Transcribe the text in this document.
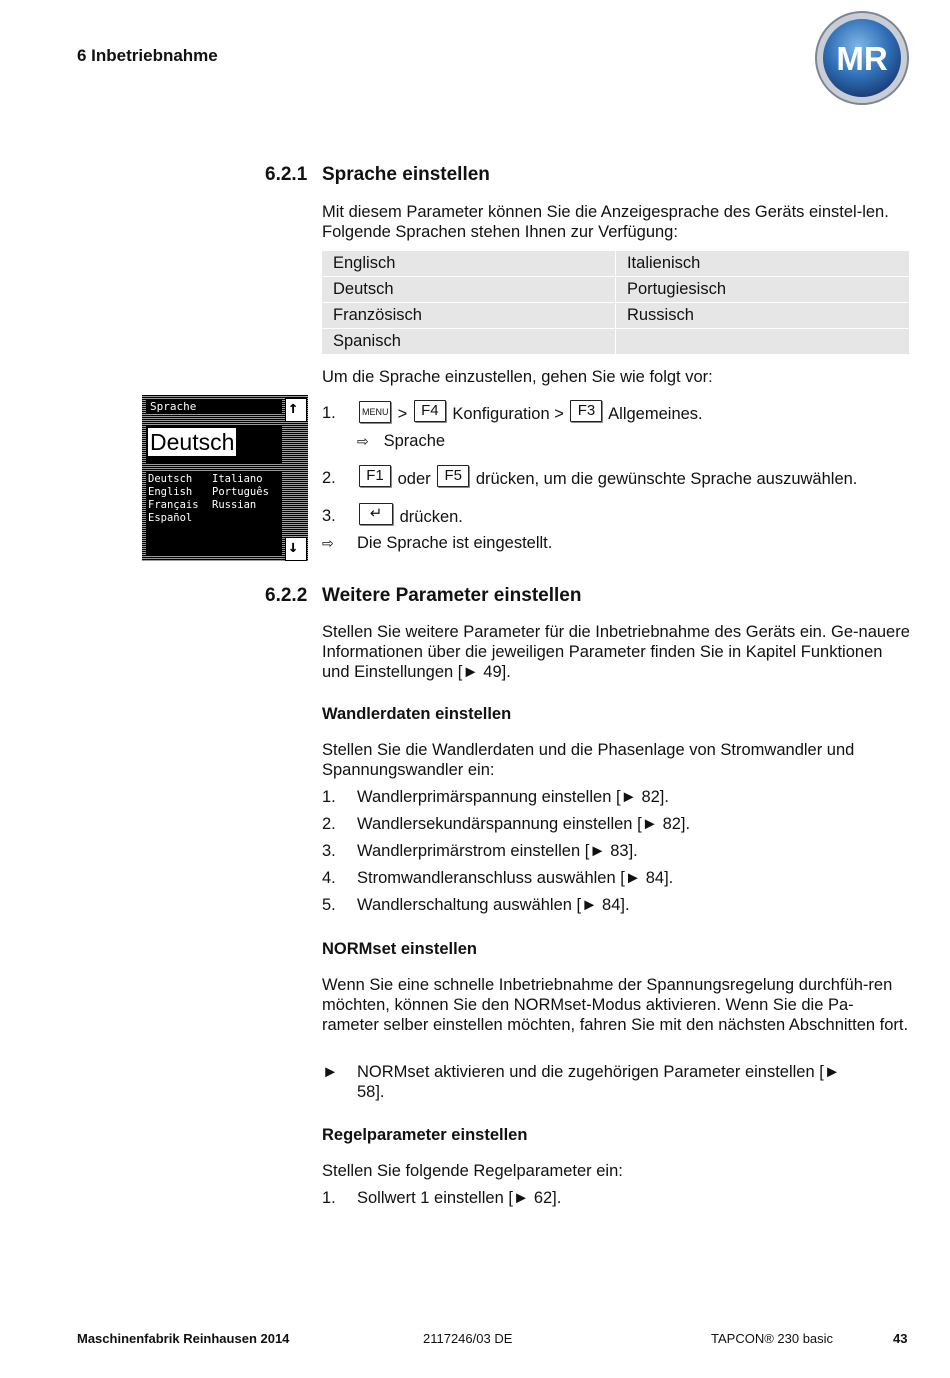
6 Inbetriebnahme	MR
6.2.1 Sprache einstellen
Mit diesem Parameter können Sie die Anzeigesprache des Geräts einstel-len. Folgende Sprachen stehen Ihnen zur Verfügung:
Englisch	Italienisch
Deutsch	Portugiesisch
Französisch	Russisch
Spanisch	
Um die Sprache einzustellen, gehen Sie wie folgt vor:
Sprache	↑
Deutsch
Deutsch
English
Français
Español
Italiano
Português
Russian
↓
1.	MENU > F4 Konfiguration > F3 Allgemeines.
⇨ Sprache
2.	F1 oder F5 drücken, um die gewünschte Sprache auszuwählen.
3.	↵ drücken.
⇨ Die Sprache ist eingestellt.
6.2.2 Weitere Parameter einstellen
Stellen Sie weitere Parameter für die Inbetriebnahme des Geräts ein. Ge-nauere Informationen über die jeweiligen Parameter finden Sie in Kapitel Funktionen und Einstellungen [► 49].
Wandlerdaten einstellen
Stellen Sie die Wandlerdaten und die Phasenlage von Stromwandler und Spannungswandler ein:
1. Wandlerprimärspannung einstellen [► 82].
2. Wandlersekundärspannung einstellen [► 82].
3. Wandlerprimärstrom einstellen [► 83].
4. Stromwandleranschluss auswählen [► 84].
5. Wandlerschaltung auswählen [► 84].
NORMset einstellen
Wenn Sie eine schnelle Inbetriebnahme der Spannungsregelung durchfüh-ren möchten, können Sie den NORMset-Modus aktivieren. Wenn Sie die Pa-rameter selber einstellen möchten, fahren Sie mit den nächsten Abschnitten fort.
► NORMset aktivieren und die zugehörigen Parameter einstellen [► 58].
Regelparameter einstellen
Stellen Sie folgende Regelparameter ein:
1. Sollwert 1 einstellen [► 62].
Maschinenfabrik Reinhausen 2014	2117246/03 DE	TAPCON® 230 basic	43
